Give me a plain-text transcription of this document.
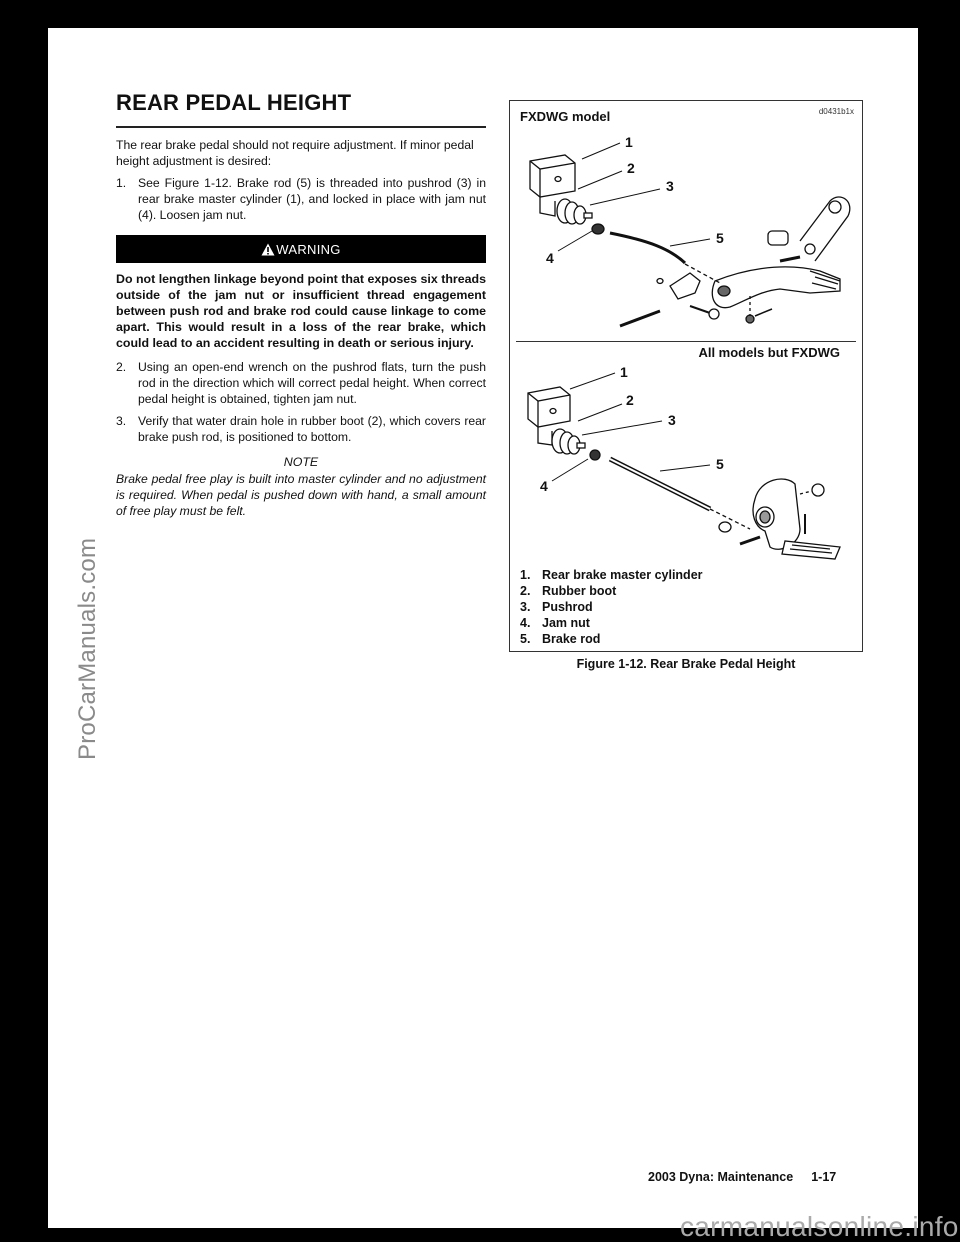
ProCarManuals.com
REAR PEDAL HEIGHT

The rear brake pedal should not require adjustment. If minor pedal height adjustment is desired:

1. See Figure 1-12. Brake rod (5) is threaded into pushrod (3) in rear brake master cylinder (1), and locked in place with jam nut (4). Loosen jam nut.
WARNING

Do not lengthen linkage beyond point that exposes six threads outside of the jam nut or insufficient thread engagement between push rod and brake rod could cause linkage to come apart. This would result in a loss of the rear brake, which could lead to an accident resulting in death or serious injury.

2. Using an open-end wrench on the pushrod flats, turn the push rod in the direction which will correct pedal height. When correct pedal height is obtained, tighten jam nut.
3. Verify that water drain hole in rubber boot (2), which covers rear brake push rod, is positioned to bottom.
NOTE

Brake pedal free play is built into master cylinder and no adjustment is required. When pedal is pushed down with hand, a small amount of free play must be felt.

FXDWG model	d0431b1x
1
2
3
4
5
All models but FXDWG
1
2
3
4
5
1. Rear brake master cylinder
2. Rubber boot
3. Pushrod
4. Jam nut
5. Brake rod
Figure 1-12. Rear Brake Pedal Height
2003 Dyna: Maintenance 1-17
carmanualsonline.info
